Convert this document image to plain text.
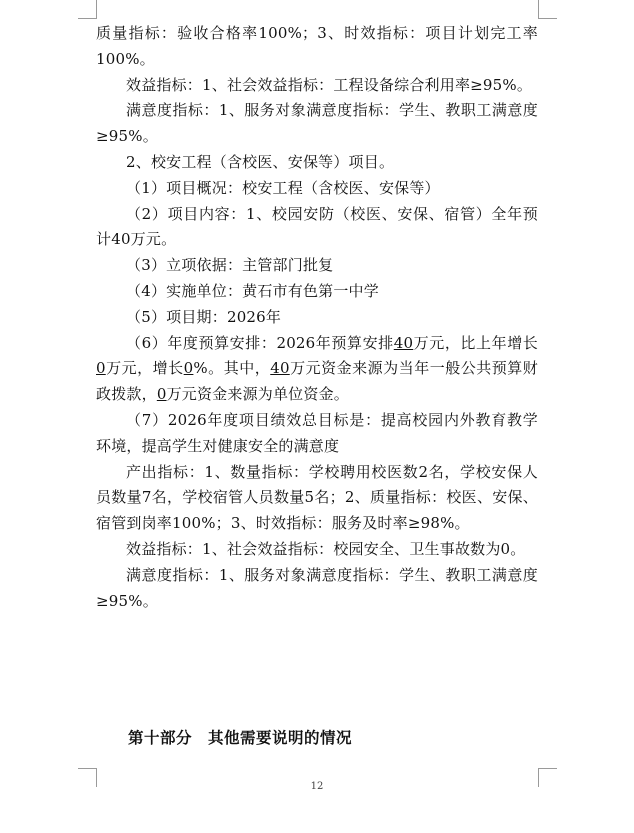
质量指标：验收合格率100%；3、时效指标：项目计划完工率100%。

效益指标：1、社会效益指标：工程设备综合利用率≥95%。

满意度指标：1、服务对象满意度指标：学生、教职工满意度≥95%。

2、校安工程（含校医、安保等）项目。

（1）项目概况：校安工程（含校医、安保等）

（2）项目内容：1、校园安防（校医、安保、宿管）全年预计40万元。

（3）立项依据：主管部门批复

（4）实施单位：黄石市有色第一中学

（5）项目期：2026年

（6）年度预算安排：2026年预算安排40万元，比上年增长0万元，增长0%。其中，40万元资金来源为当年一般公共预算财政拨款，0万元资金来源为单位资金。

（7）2026年度项目绩效总目标是：提高校园内外教育教学环境，提高学生对健康安全的满意度

产出指标：1、数量指标：学校聘用校医数2名，学校安保人员数量7名，学校宿管人员数量5名；2、质量指标：校医、安保、宿管到岗率100%；3、时效指标：服务及时率≥98%。

效益指标：1、社会效益指标：校园安全、卫生事故数为0。

满意度指标：1、服务对象满意度指标：学生、教职工满意度≥95%。

第十部分　其他需要说明的情况
12
